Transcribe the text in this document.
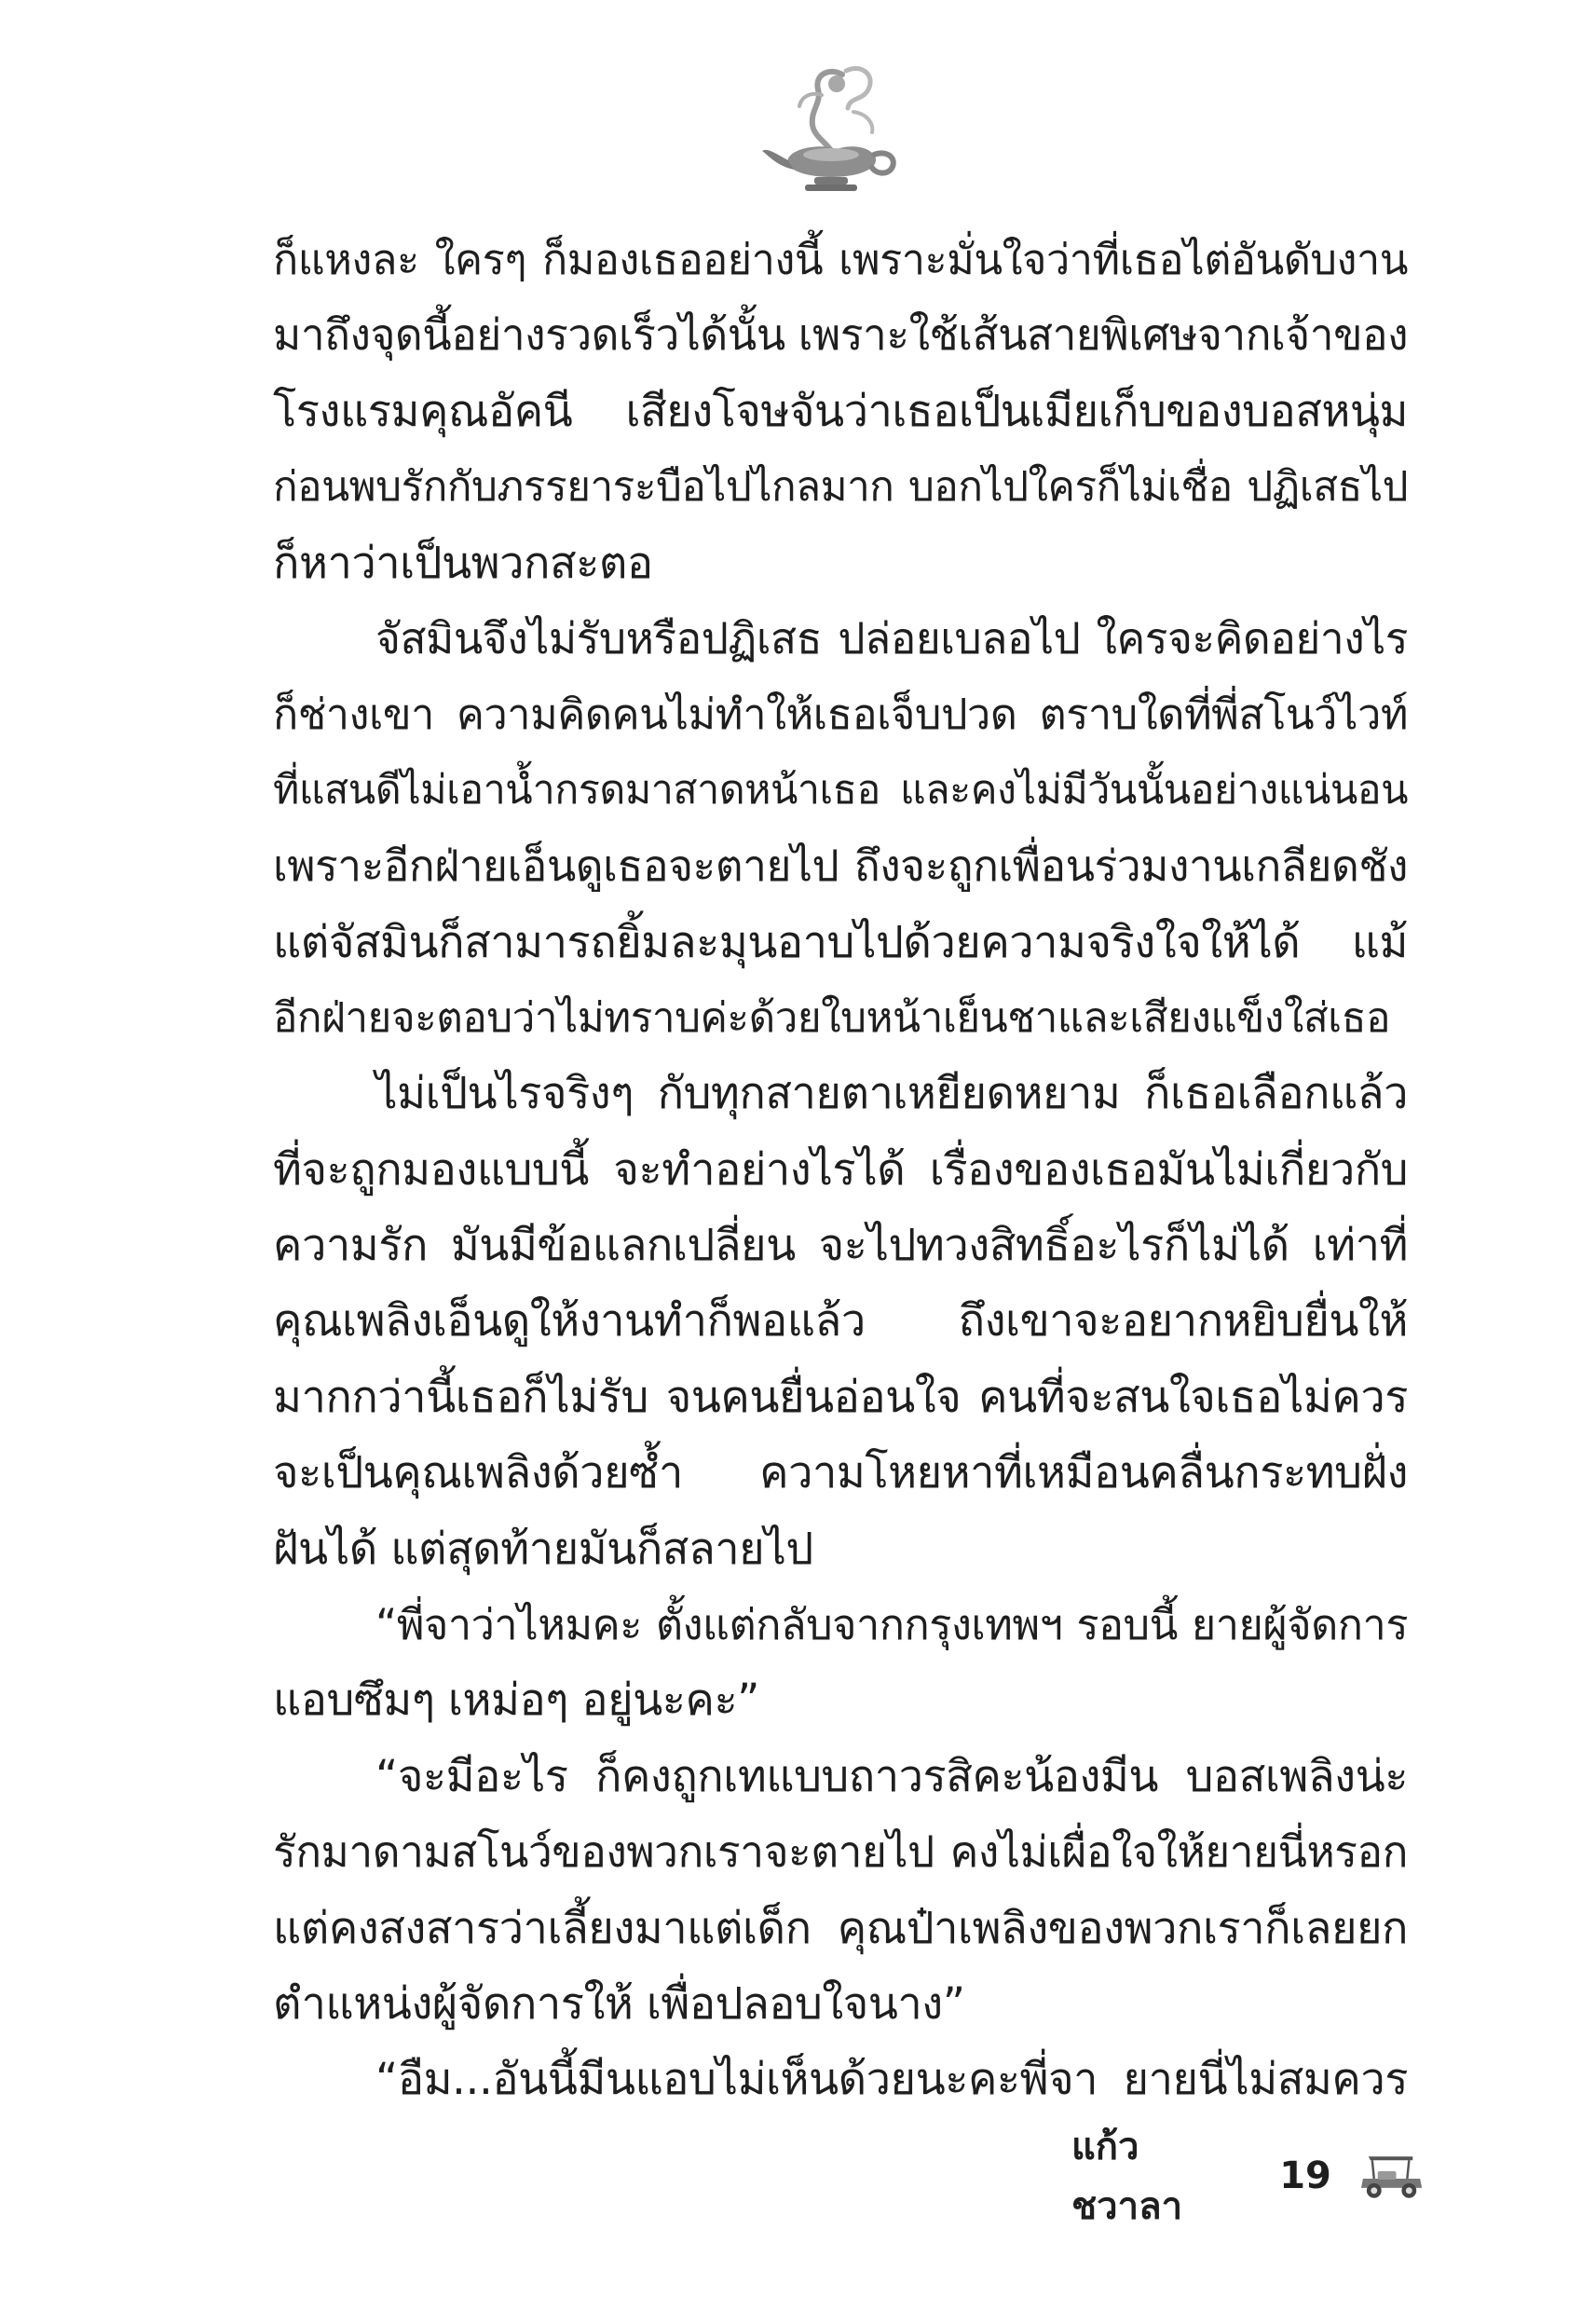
ก็แหงละ ใครๆ ก็มองเธออย่างนี้ เพราะมั่นใจว่าที่เธอไต่อันดับงาน
มาถึงจุดนี้อย่างรวดเร็วได้นั้น เพราะใช้เส้นสายพิเศษจากเจ้าของ
โรงแรมคุณอัคนี เสียงโจษจันว่าเธอเป็นเมียเก็บของบอสหนุ่ม
ก่อนพบรักกับภรรยาระบือไปไกลมาก บอกไปใครก็ไม่เชื่อ ปฏิเสธไป
ก็หาว่าเป็นพวกสะตอ
จัสมินจึงไม่รับหรือปฏิเสธ ปล่อยเบลอไป ใครจะคิดอย่างไร
ก็ช่างเขา ความคิดคนไม่ทำให้เธอเจ็บปวด ตราบใดที่พี่สโนว์ไวท์
ที่แสนดีไม่เอาน้ำกรดมาสาดหน้าเธอ และคงไม่มีวันนั้นอย่างแน่นอน
เพราะอีกฝ่ายเอ็นดูเธอจะตายไป ถึงจะถูกเพื่อนร่วมงานเกลียดชัง
แต่จัสมินก็สามารถยิ้มละมุนอาบไปด้วยความจริงใจให้ได้ แม้
อีกฝ่ายจะตอบว่าไม่ทราบค่ะด้วยใบหน้าเย็นชาและเสียงแข็งใส่เธอ
ไม่เป็นไรจริงๆ กับทุกสายตาเหยียดหยาม ก็เธอเลือกแล้ว
ที่จะถูกมองแบบนี้ จะทำอย่างไรได้ เรื่องของเธอมันไม่เกี่ยวกับ
ความรัก มันมีข้อแลกเปลี่ยน จะไปทวงสิทธิ์อะไรก็ไม่ได้ เท่าที่
คุณเพลิงเอ็นดูให้งานทำก็พอแล้ว ถึงเขาจะอยากหยิบยื่นให้
มากกว่านี้เธอก็ไม่รับ จนคนยื่นอ่อนใจ คนที่จะสนใจเธอไม่ควร
จะเป็นคุณเพลิงด้วยซ้ำ ความโหยหาที่เหมือนคลื่นกระทบฝั่ง
ฝันได้ แต่สุดท้ายมันก็สลายไป
“พี่จาว่าไหมคะ ตั้งแต่กลับจากกรุงเทพฯ รอบนี้ ยายผู้จัดการ
แอบซึมๆ เหม่อๆ อยู่นะคะ”
“จะมีอะไร ก็คงถูกเทแบบถาวรสิคะน้องมีน บอสเพลิงน่ะ
รักมาดามสโนว์ของพวกเราจะตายไป คงไม่เผื่อใจให้ยายนี่หรอก
แต่คงสงสารว่าเลี้ยงมาแต่เด็ก คุณป๋าเพลิงของพวกเราก็เลยยก
ตำแหน่งผู้จัดการให้ เพื่อปลอบใจนาง”
“อืม...อันนี้มีนแอบไม่เห็นด้วยนะคะพี่จา ยายนี่ไม่สมควร
แก้วชวาลา
19
